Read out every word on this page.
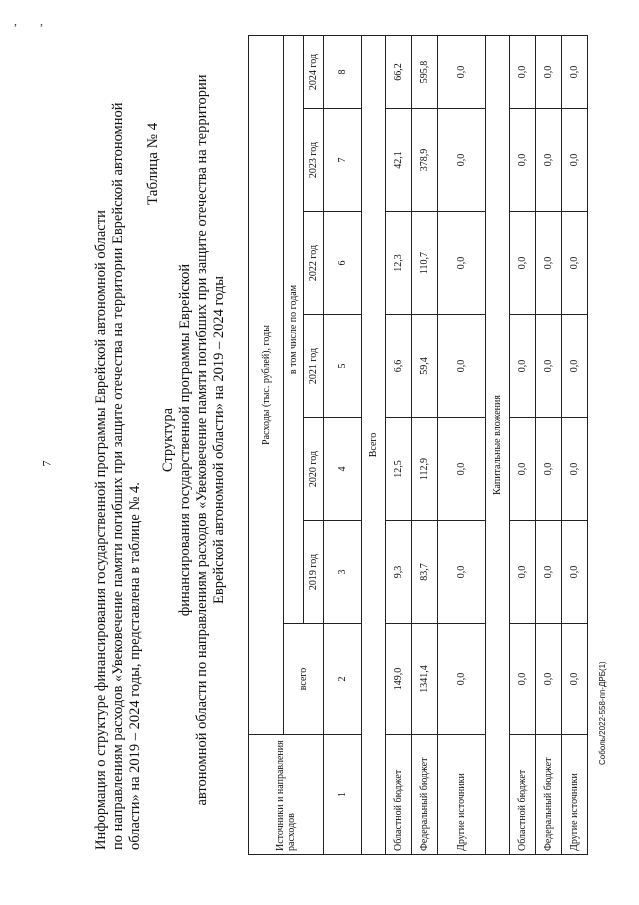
, ,
7	Информация о структуре финансирования государственной программы Еврейской автономной области по направлениям расходов «Увековечение памяти погибших при защите отечества на территории Еврейской автономной области» на 2019 – 2024 годы, представлена в таблице № 4.
Таблица № 4
Структура финансирования государственной программы Еврейской автономной области по направлениям расходов «Увековечение памяти погибших при защите отечества на территории Еврейской автономной области» на 2019 – 2024 годы
Источники и направления расходов	Расходы (тыс. рублей), годы						
	всего	в том числе по годам					
		2019 год	2020 год	2021 год	2022 год	2023 год	2024 год
1	2	3	4	5	6	7	8
Всего							
Областной бюджет	149,0	9,3	12,5	6,6	12,3	42,1	66,2
Федеральный бюджет	1341,4	83,7	112,9	59,4	110,7	378,9	595,8
Другие источники	0,0	0,0	0,0	0,0	0,0	0,0	0,0
Капитальные вложения							
Областной бюджет	0,0	0,0	0,0	0,0	0,0	0,0	0,0
Федеральный бюджет	0,0	0,0	0,0	0,0	0,0	0,0	0,0
Другие источники	0,0	0,0	0,0	0,0	0,0	0,0	0,0
Соболь/2022-558-пп-ДРБ(1)
